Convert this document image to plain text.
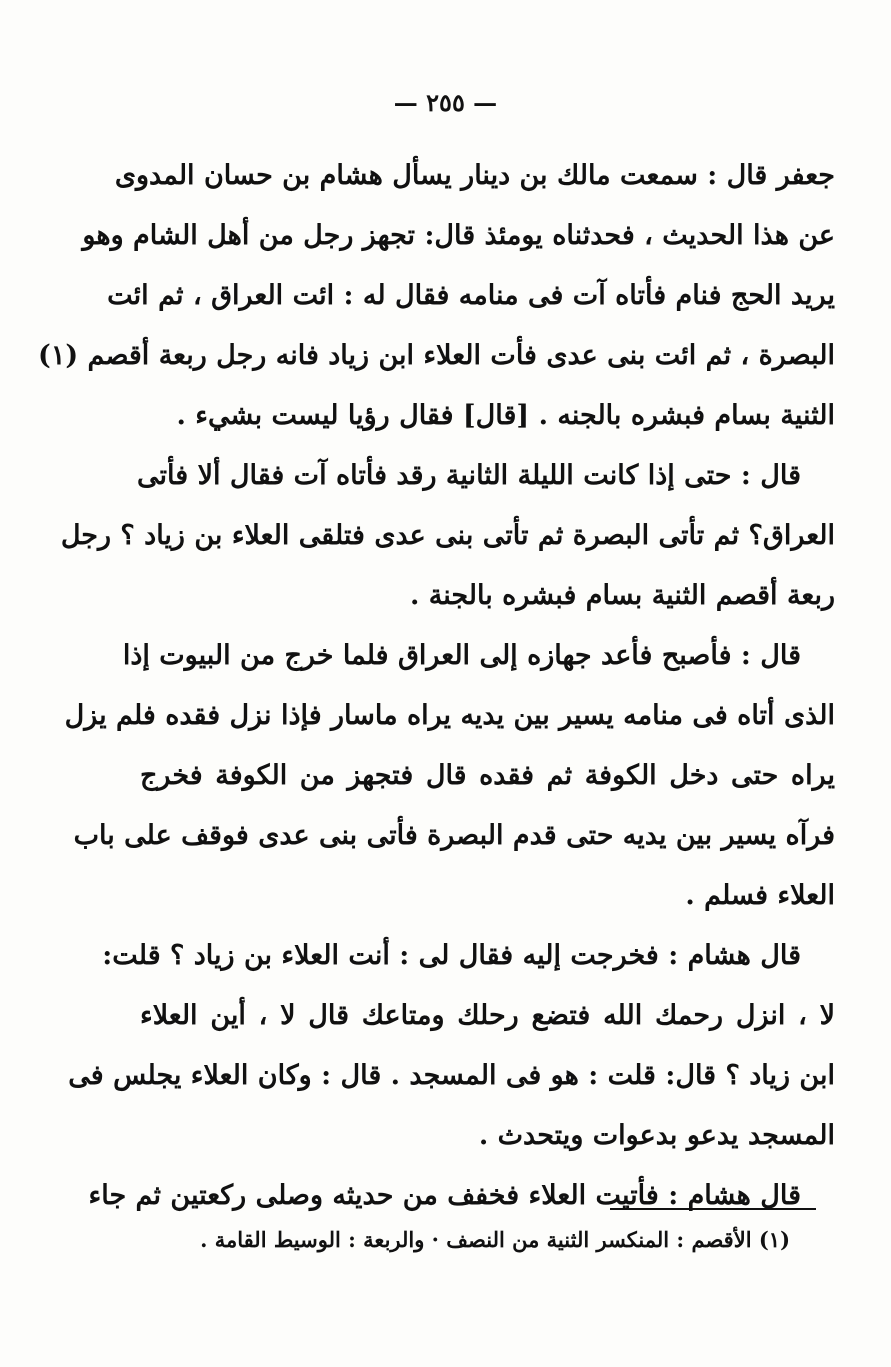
— ٢٥٥ —
جعفر قال : سمعت مالك بن دينار يسأل هشام بن حسان المدوى
عن هذا الحديث ، فحدثناه يومئذ قال: تجهز رجل من أهل الشام وهو
يريد الحج فنام فأتاه آت فى منامه فقال له : ائت العراق ، ثم ائت
البصرة ، ثم ائت بنى عدى فأت العلاء ابن زياد فانه رجل ربعة أقصم (١)
الثنية بسام فبشره بالجنه . [قال] فقال رؤيا ليست بشيء .
قال : حتى إذا كانت الليلة الثانية رقد فأتاه آت فقال ألا فأتى
العراق؟ ثم تأتى البصرة ثم تأتى بنى عدى فتلقى العلاء بن زياد ؟ رجل
ربعة أقصم الثنية بسام فبشره بالجنة .
قال : فأصبح فأعد جهازه إلى العراق فلما خرج من البيوت إذا
الذى أتاه فى منامه يسير بين يديه يراه ماسار فإذا نزل فقده فلم يزل
يراه حتى دخل الكوفة ثم فقده قال فتجهز من الكوفة فخرج
فرآه يسير بين يديه حتى قدم البصرة فأتى بنى عدى فوقف على باب
العلاء فسلم .
قال هشام : فخرجت إليه فقال لى : أنت العلاء بن زياد ؟ قلت:
لا ، انزل رحمك الله فتضع رحلك ومتاعك قال لا ، أين العلاء
ابن زياد ؟ قال: قلت : هو فى المسجد . قال : وكان العلاء يجلس فى
المسجد يدعو بدعوات ويتحدث .
قال هشام : فأتيت العلاء فخفف من حديثه وصلى ركعتين ثم جاء
(١) الأقصم : المنكسر الثنية من النصف · والربعة : الوسيط القامة .
